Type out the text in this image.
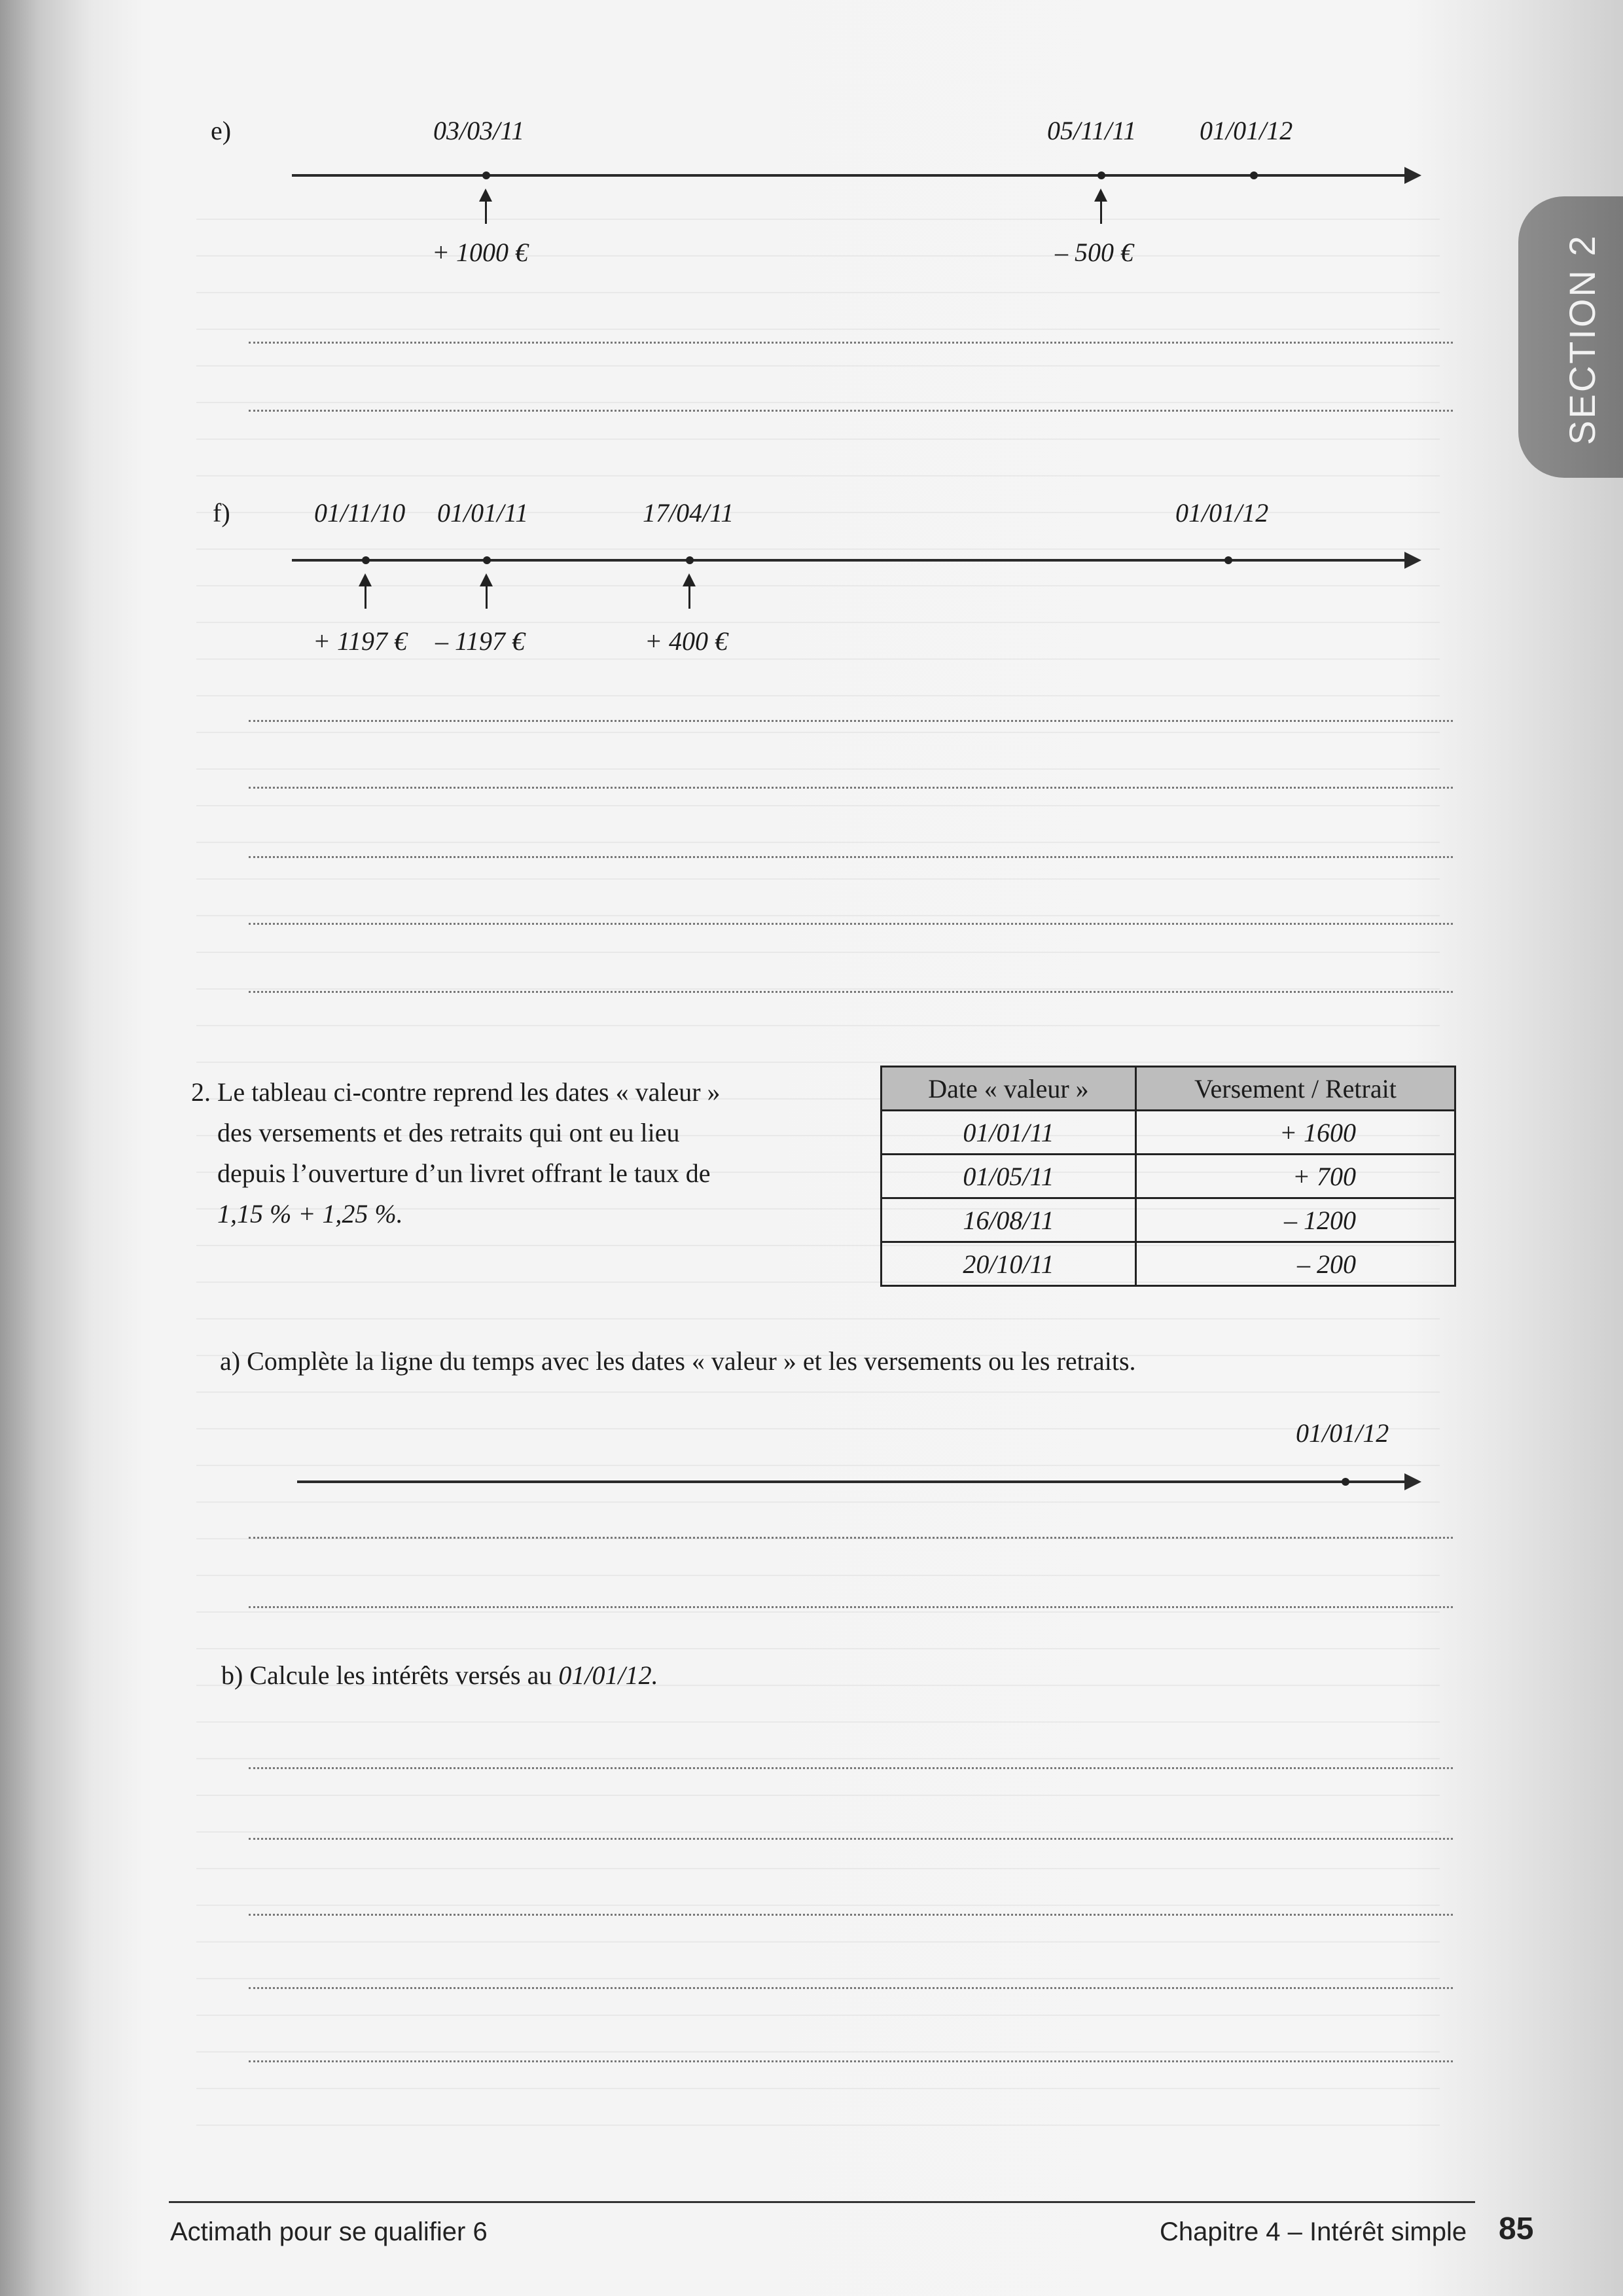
SECTION 2
e)	03/03/11	05/11/11 01/01/12
+ 1000 €	– 500 €
f)	01/11/10 01/01/11	17/04/11	01/01/12
+ 1197 € – 1197 €	+ 400 €
2. Le tableau ci-contre reprend les dates « valeur »
des versements et des retraits qui ont eu lieu
depuis l’ouverture d’un livret offrant le taux de
1,15 % + 1,25 %.
Date « valeur »	Versement / Retrait
01/01/11	+ 1600
01/05/11	+ 700
16/08/11	– 1200
20/10/11	– 200
a) Complète la ligne du temps avec les dates « valeur » et les versements ou les retraits.
01/01/12
b) Calcule les intérêts versés au 01/01/12.
Actimath pour se qualifier 6	Chapitre 4 – Intérêt simple 85
